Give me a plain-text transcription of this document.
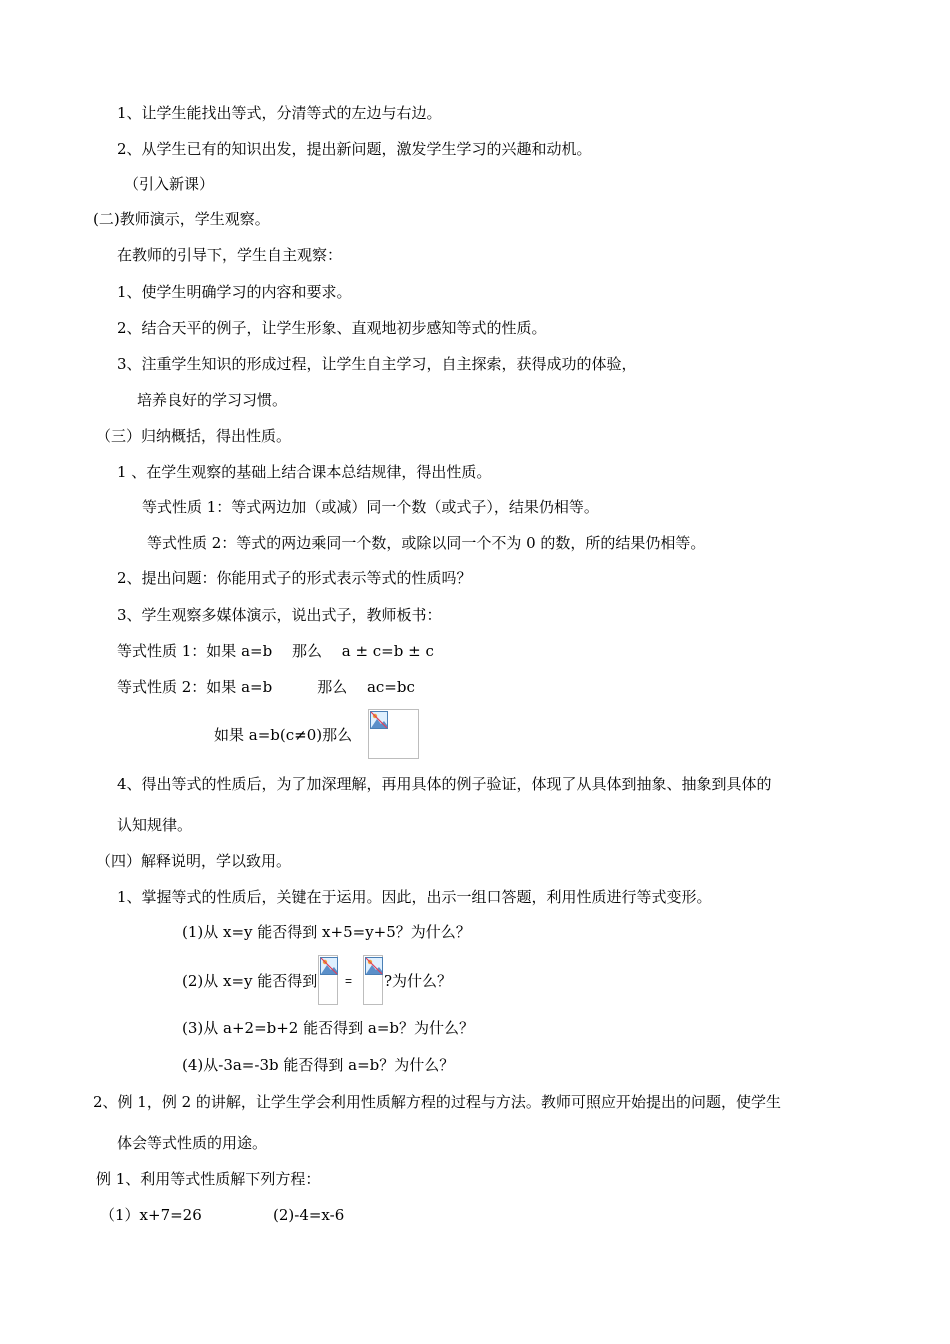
1、让学生能找出等式，分清等式的左边与右边。
2、从学生已有的知识出发，提出新问题，激发学生学习的兴趣和动机。
（引入新课）
(二)教师演示，学生观察。
在教师的引导下，学生自主观察：
1、使学生明确学习的内容和要求。
2、结合天平的例子，让学生形象、直观地初步感知等式的性质。
3、注重学生知识的形成过程，让学生自主学习，自主探索，获得成功的体验，
培养良好的学习习惯。
（三）归纳概括，得出性质。
1 、在学生观察的基础上结合课本总结规律，得出性质。
等式性质 1：等式两边加（或减）同一个数（或式子），结果仍相等。
等式性质 2：等式的两边乘同一个数，或除以同一个不为 0 的数，所的结果仍相等。
2、提出问题：你能用式子的形式表示等式的性质吗？
3、学生观察多媒体演示，说出式子，教师板书：
等式性质 1：如果 a=b　 那么　 a ± c=b ± c
等式性质 2：如果 a=b　　　那么　 ac=bc
如果 a=b(c≠0)那么
4、得出等式的性质后，为了加深理解，再用具体的例子验证，体现了从具体到抽象、抽象到具体的
认知规律。
（四）解释说明，学以致用。
1、掌握等式的性质后，关键在于运用。因此，出示一组口答题，利用性质进行等式变形。
(1)从 x=y 能否得到 x+5=y+5？为什么？
(2)从 x=y 能否得到 = ?为什么？
(3)从 a+2=b+2 能否得到 a=b？为什么？
(4)从-3a=-3b 能否得到 a=b？为什么？
2、例 1，例 2 的讲解，让学生学会利用性质解方程的过程与方法。教师可照应开始提出的问题，使学生
体会等式性质的用途。
例 1、利用等式性质解下列方程：
（1）x+7=26	(2)-4=x-6
